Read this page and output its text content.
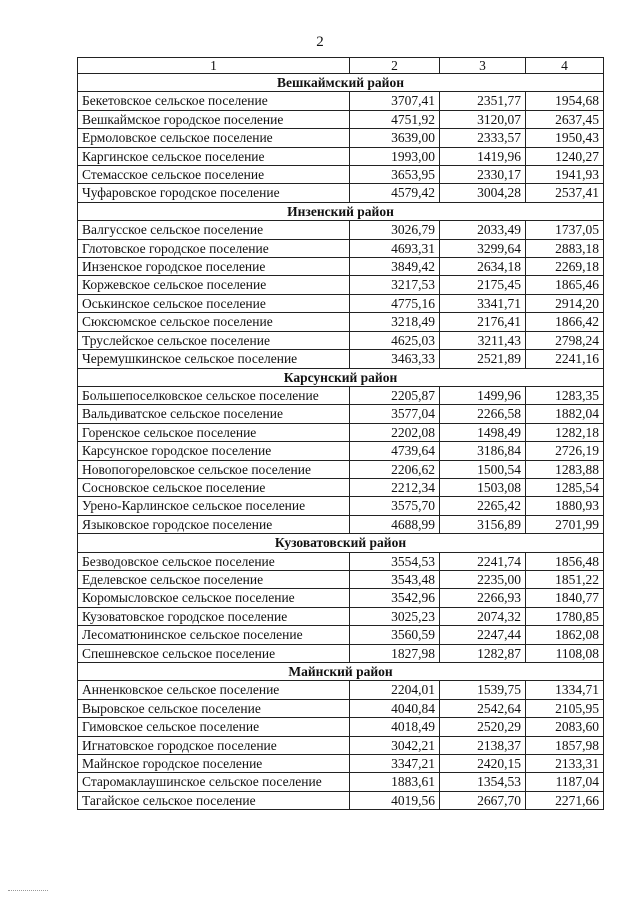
2
1	2	3	4
Вешкаймский район			
Бекетовское сельское поселение	3707,41	2351,77	1954,68
Вешкаймское городское поселение	4751,92	3120,07	2637,45
Ермоловское сельское поселение	3639,00	2333,57	1950,43
Каргинское сельское поселение	1993,00	1419,96	1240,27
Стемасское сельское поселение	3653,95	2330,17	1941,93
Чуфаровское городское поселение	4579,42	3004,28	2537,41
Инзенский район			
Валгусское сельское поселение	3026,79	2033,49	1737,05
Глотовское городское поселение	4693,31	3299,64	2883,18
Инзенское городское поселение	3849,42	2634,18	2269,18
Коржевское сельское поселение	3217,53	2175,45	1865,46
Оськинское сельское поселение	4775,16	3341,71	2914,20
Сюксюмское сельское поселение	3218,49	2176,41	1866,42
Труслейское сельское поселение	4625,03	3211,43	2798,24
Черемушкинское сельское поселение	3463,33	2521,89	2241,16
Карсунский район			
Большепоселковское сельское поселение	2205,87	1499,96	1283,35
Вальдиватское сельское поселение	3577,04	2266,58	1882,04
Горенское сельское поселение	2202,08	1498,49	1282,18
Карсунское городское поселение	4739,64	3186,84	2726,19
Новопогореловское сельское поселение	2206,62	1500,54	1283,88
Сосновское сельское поселение	2212,34	1503,08	1285,54
Урено-Карлинское сельское поселение	3575,70	2265,42	1880,93
Языковское городское поселение	4688,99	3156,89	2701,99
Кузоватовский район			
Безводовское сельское поселение	3554,53	2241,74	1856,48
Еделевское сельское поселение	3543,48	2235,00	1851,22
Коромысловское сельское поселение	3542,96	2266,93	1840,77
Кузоватовское городское поселение	3025,23	2074,32	1780,85
Лесоматюнинское сельское поселение	3560,59	2247,44	1862,08
Спешневское сельское поселение	1827,98	1282,87	1108,08
Майнский район			
Анненковское сельское поселение	2204,01	1539,75	1334,71
Выровское сельское поселение	4040,84	2542,64	2105,95
Гимовское сельское поселение	4018,49	2520,29	2083,60
Игнатовское городское поселение	3042,21	2138,37	1857,98
Майнское городское поселение	3347,21	2420,15	2133,31
Старомаклаушинское сельское поселение	1883,61	1354,53	1187,04
Тагайское сельское поселение	4019,56	2667,70	2271,66
